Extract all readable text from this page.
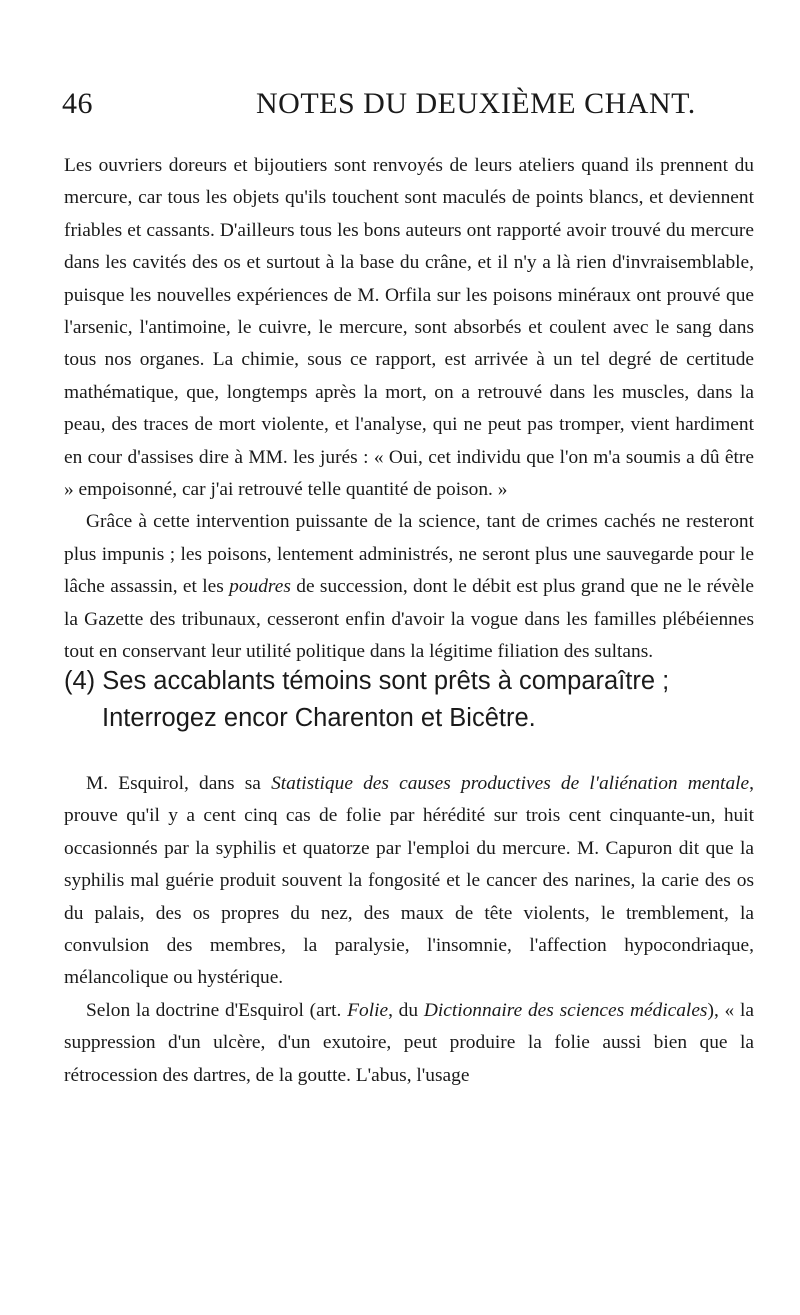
46	NOTES DU DEUXIÈME CHANT.

Les ouvriers doreurs et bijoutiers sont renvoyés de leurs ateliers quand ils prennent du mercure, car tous les objets qu'ils touchent sont maculés de points blancs, et deviennent friables et cassants. D'ailleurs tous les bons auteurs ont rapporté avoir trouvé du mercure dans les cavités des os et surtout à la base du crâne, et il n'y a là rien d'invraisemblable, puisque les nouvelles expériences de M. Orfila sur les poisons minéraux ont prouvé que l'arsenic, l'antimoine, le cuivre, le mercure, sont absorbés et coulent avec le sang dans tous nos organes. La chimie, sous ce rapport, est arrivée à un tel degré de certitude mathématique, que, longtemps après la mort, on a retrouvé dans les muscles, dans la peau, des traces de mort violente, et l'analyse, qui ne peut pas tromper, vient hardiment en cour d'assises dire à MM. les jurés : « Oui, cet individu que l'on m'a soumis a dû être » empoisonné, car j'ai retrouvé telle quantité de poison. »

Grâce à cette intervention puissante de la science, tant de crimes cachés ne resteront plus impunis ; les poisons, lentement administrés, ne seront plus une sauvegarde pour le lâche assassin, et les poudres de succession, dont le débit est plus grand que ne le révèle la Gazette des tribunaux, cesseront enfin d'avoir la vogue dans les familles plébéiennes tout en conservant leur utilité politique dans la légitime filiation des sultans.

(4) Ses accablants témoins sont prêts à comparaître ;
Interrogez encor Charenton et Bicêtre.

M. Esquirol, dans sa Statistique des causes productives de l'aliénation mentale, prouve qu'il y a cent cinq cas de folie par hérédité sur trois cent cinquante-un, huit occasionnés par la syphilis et quatorze par l'emploi du mercure. M. Capuron dit que la syphilis mal guérie produit souvent la fongosité et le cancer des narines, la carie des os du palais, des os propres du nez, des maux de tête violents, le tremblement, la convulsion des membres, la paralysie, l'insomnie, l'affection hypocondriaque, mélancolique ou hystérique.

Selon la doctrine d'Esquirol (art. Folie, du Dictionnaire des sciences médicales), « la suppression d'un ulcère, d'un exutoire, peut produire la folie aussi bien que la rétrocession des dartres, de la goutte. L'abus, l'usage
